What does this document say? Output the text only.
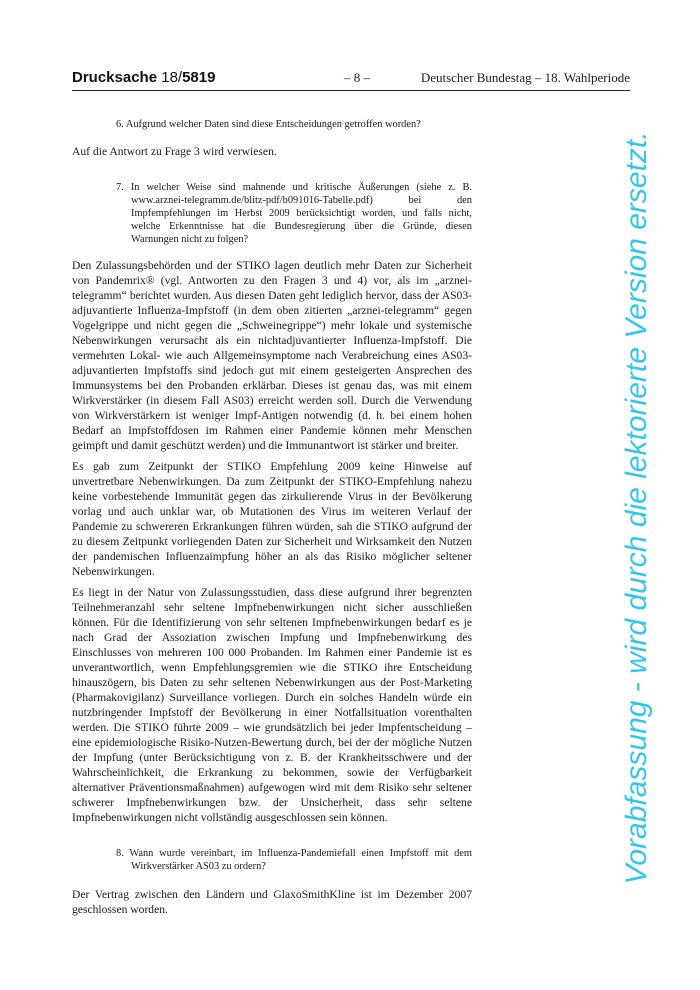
Drucksache 18/5819	– 8 –	Deutscher Bundestag – 18. Wahlperiode

6. Aufgrund welcher Daten sind diese Entscheidungen getroffen worden?

Auf die Antwort zu Frage 3 wird verwiesen.

7. In welcher Weise sind mahnende und kritische Äußerungen (siehe z. B. www.arznei-telegramm.de/blitz-pdf/b091016-Tabelle.pdf) bei den Impfempfehlungen im Herbst 2009 berücksichtigt worden, und falls nicht, welche Erkenntnisse hat die Bundesregierung über die Gründe, diesen Warnungen nicht zu folgen?

Den Zulassungsbehörden und der STIKO lagen deutlich mehr Daten zur Sicherheit von Pandemrix® (vgl. Antworten zu den Fragen 3 und 4) vor, als im „arznei-telegramm“ berichtet wurden. Aus diesen Daten geht lediglich hervor, dass der AS03-adjuvantierte Influenza-Impfstoff (in dem oben zitierten „arznei-telegramm“ gegen Vogelgrippe und nicht gegen die „Schweinegrippe“) mehr lokale und systemische Nebenwirkungen verursacht als ein nichtadjuvantierter Influenza-Impfstoff. Die vermehrten Lokal- wie auch Allgemeinsymptome nach Verabreichung eines AS03-adjuvantierten Impfstoffs sind jedoch gut mit einem gesteigerten Ansprechen des Immunsystems bei den Probanden erklärbar. Dieses ist genau das, was mit einem Wirkverstärker (in diesem Fall AS03) erreicht werden soll. Durch die Verwendung von Wirkverstärkern ist weniger Impf-Antigen notwendig (d. h. bei einem hohen Bedarf an Impfstoffdosen im Rahmen einer Pandemie können mehr Menschen geimpft und damit geschützt werden) und die Immunantwort ist stärker und breiter.

Es gab zum Zeitpunkt der STIKO Empfehlung 2009 keine Hinweise auf unvertretbare Nebenwirkungen. Da zum Zeitpunkt der STIKO-Empfehlung nahezu keine vorbestehende Immunität gegen das zirkulierende Virus in der Bevölkerung vorlag und auch unklar war, ob Mutationen des Virus im weiteren Verlauf der Pandemie zu schwereren Erkrankungen führen würden, sah die STIKO aufgrund der zu diesem Zeitpunkt vorliegenden Daten zur Sicherheit und Wirksamkeit den Nutzen der pandemischen Influenzaimpfung höher an als das Risiko möglicher seltener Nebenwirkungen.

Es liegt in der Natur von Zulassungsstudien, dass diese aufgrund ihrer begrenzten Teilnehmeranzahl sehr seltene Impfnebenwirkungen nicht sicher ausschließen können. Für die Identifizierung von sehr seltenen Impfnebenwirkungen bedarf es je nach Grad der Assoziation zwischen Impfung und Impfnebenwirkung des Einschlusses von mehreren 100 000 Probanden. Im Rahmen einer Pandemie ist es unverantwortlich, wenn Empfehlungsgremien wie die STIKO ihre Entscheidung hinauszögern, bis Daten zu sehr seltenen Nebenwirkungen aus der Post-Marketing (Pharmakovigilanz) Surveillance vorliegen. Durch ein solches Handeln würde ein nutzbringender Impfstoff der Bevölkerung in einer Notfallsituation vorenthalten werden. Die STIKO führte 2009 – wie grundsätzlich bei jeder Impfentscheidung – eine epidemiologische Risiko-Nutzen-Bewertung durch, bei der der mögliche Nutzen der Impfung (unter Berücksichtigung von z. B. der Krankheitsschwere und der Wahrscheinlichkeit, die Erkrankung zu bekommen, sowie der Verfügbarkeit alternativer Präventionsmaßnahmen) aufgewogen wird mit dem Risiko sehr seltener schwerer Impfnebenwirkungen bzw. der Unsicherheit, dass sehr seltene Impfnebenwirkungen nicht vollständig ausgeschlossen sein können.

8. Wann wurde vereinbart, im Influenza-Pandemiefall einen Impfstoff mit dem Wirkverstärker AS03 zu ordern?

Der Vertrag zwischen den Ländern und GlaxoSmithKline ist im Dezember 2007 geschlossen worden.

Vorabfassung - wird durch die lektorierte Version ersetzt.
